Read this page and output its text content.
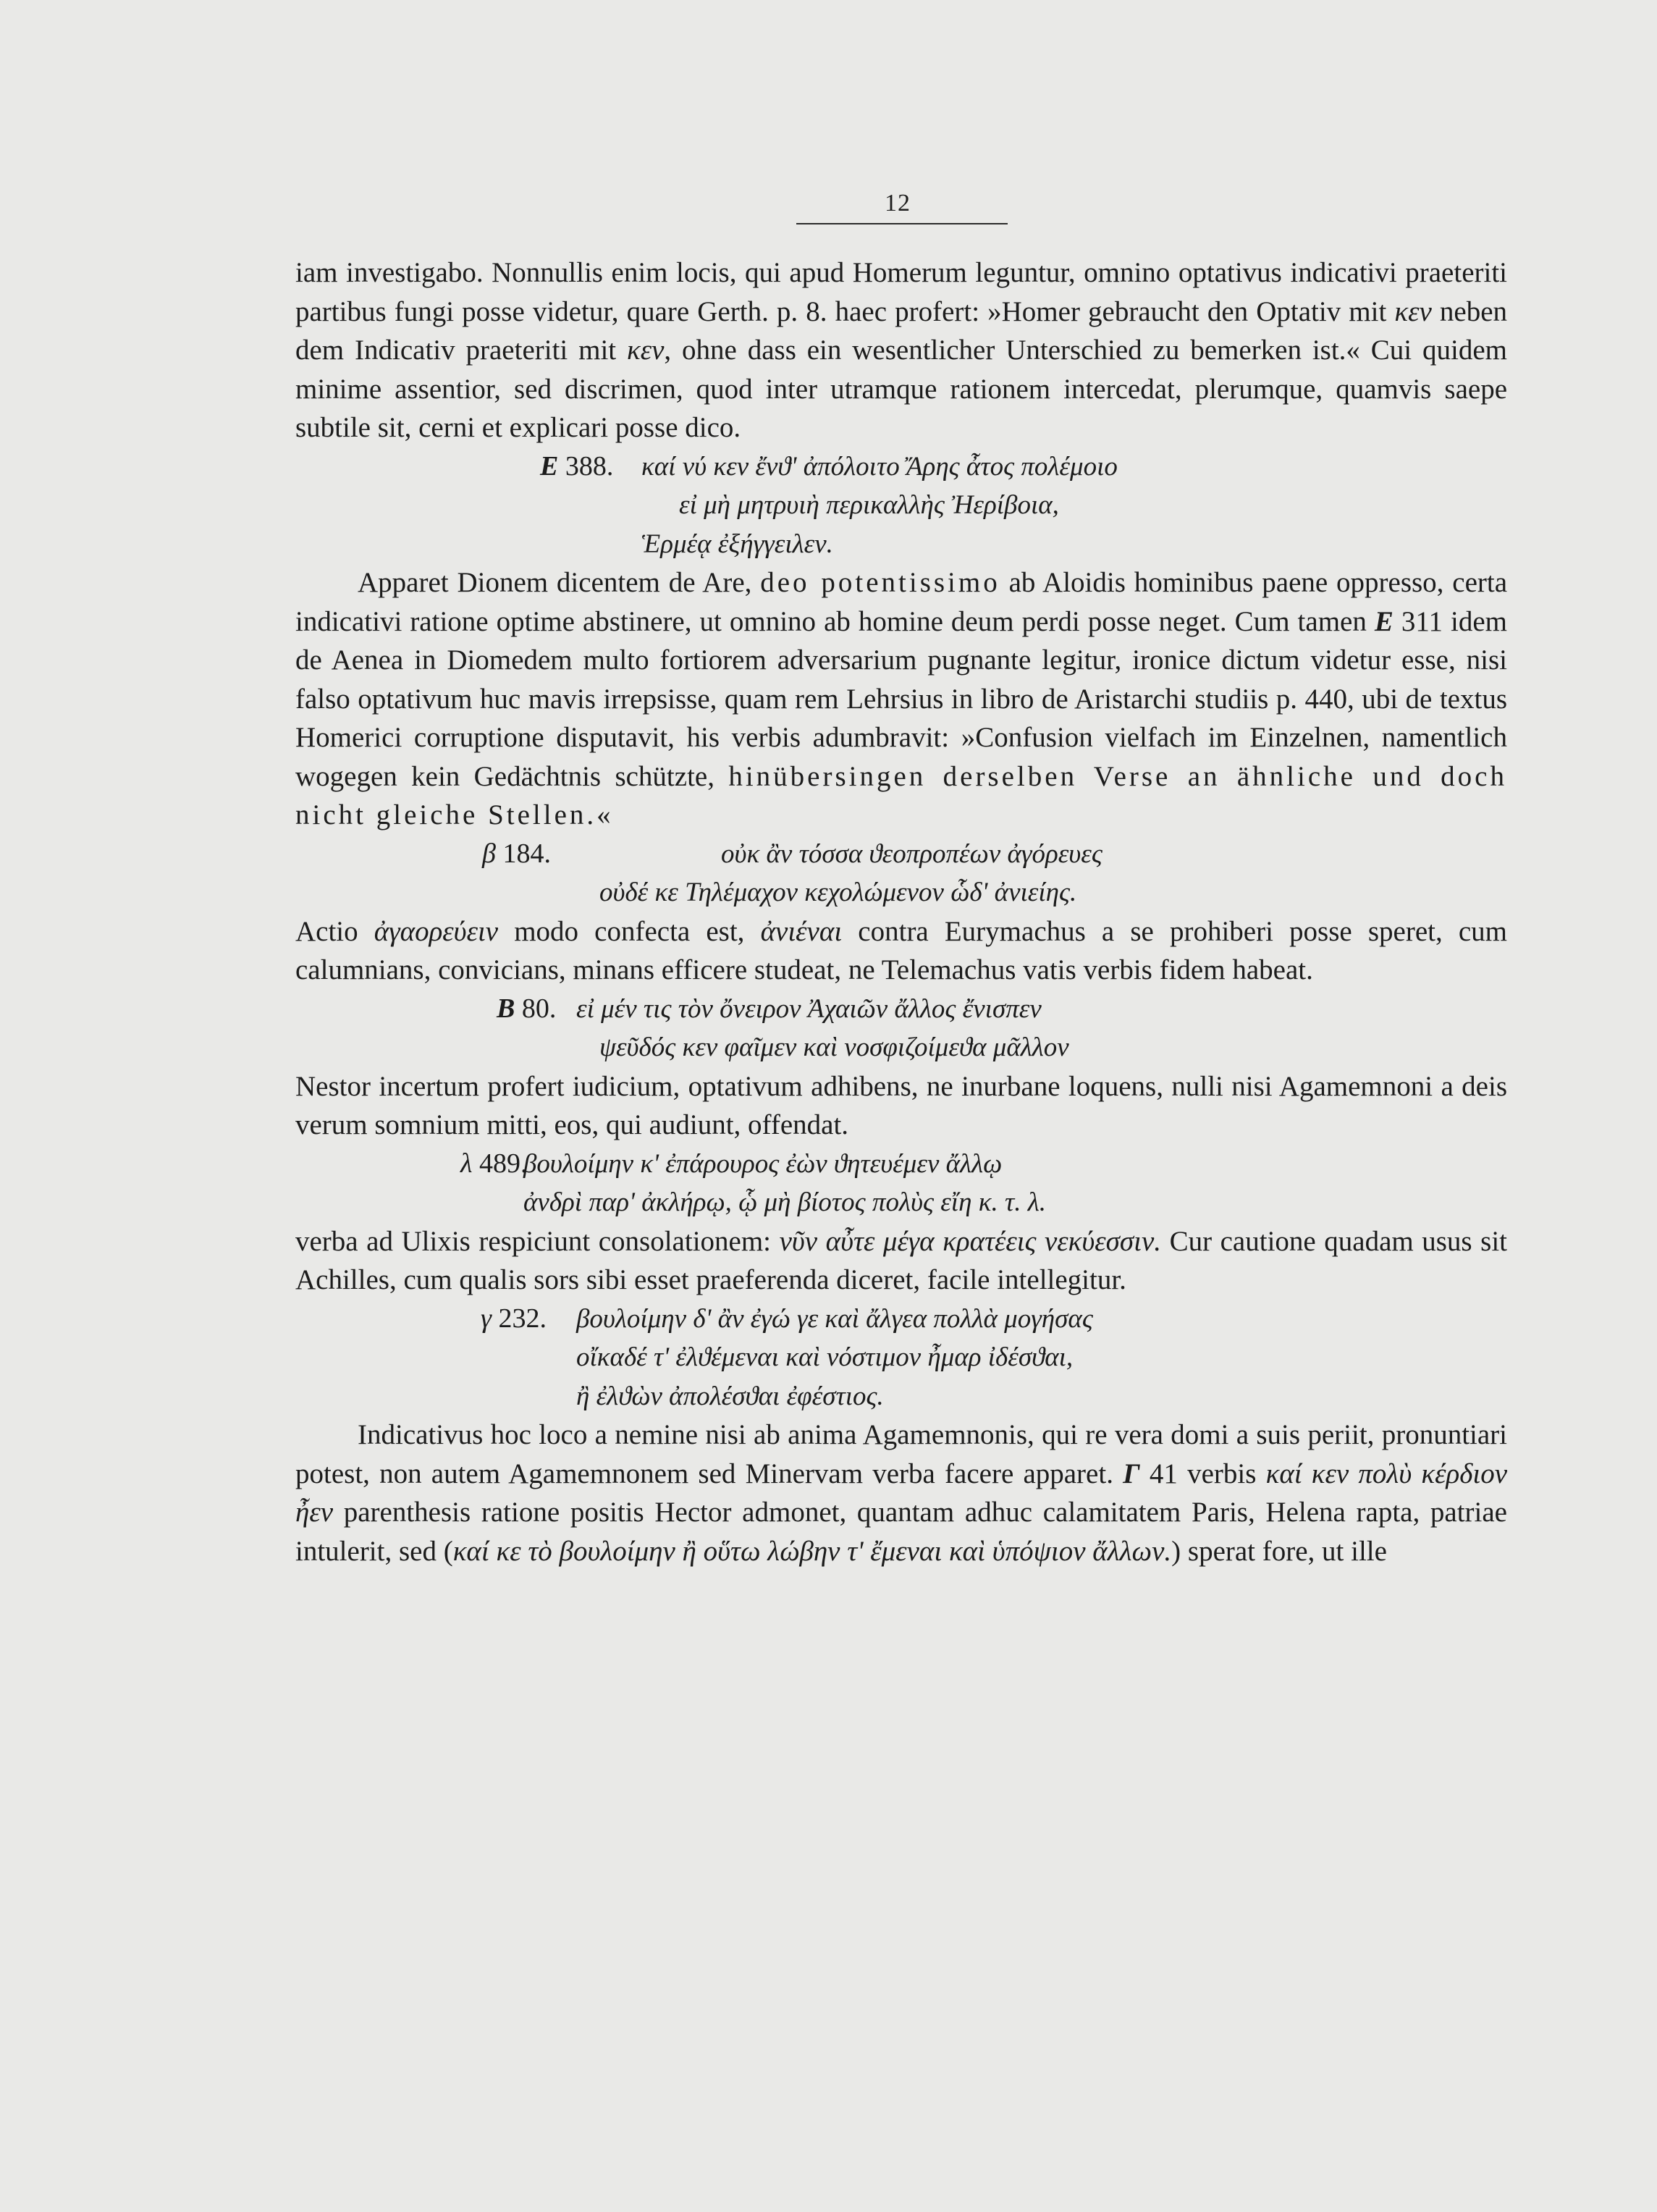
12

iam investigabo. Nonnullis enim locis, qui apud Homerum leguntur, omnino optativus indicativi praeteriti partibus fungi posse videtur, quare Gerth. p. 8. haec profert: »Homer gebraucht den Optativ mit κεν neben dem Indicativ praeteriti mit κεν, ohne dass ein wesentlicher Unterschied zu bemerken ist.« Cui quidem minime assentior, sed discrimen, quod inter utramque rationem intercedat, plerumque, quamvis saepe subtile sit, cerni et explicari posse dico.

E 388. καί νύ κεν ἔνϑ' ἀπόλοιτο Ἄρης ἆτος πολέμοιο
εἰ μὴ μητρυιὴ περικαλλὴς Ἠερίβοια,
Ἑρμέᾳ ἐξήγγειλεν.

Apparet Dionem dicentem de Are, deo potentissimo ab Aloidis hominibus paene oppresso, certa indicativi ratione optime abstinere, ut omnino ab homine deum perdi posse neget. Cum tamen E 311 idem de Aenea in Diomedem multo fortiorem adversarium pugnante legitur, ironice dictum videtur esse, nisi falso optativum huc mavis irrepsisse, quam rem Lehrsius in libro de Aristarchi studiis p. 440, ubi de textus Homerici corruptione disputavit, his verbis adumbravit: »Confusion vielfach im Einzelnen, namentlich wogegen kein Gedächtnis schützte, hinübersingen derselben Verse an ähnliche und doch nicht gleiche Stellen.«

β 184.	οὐκ ἂν τόσσα ϑεοπροπέων ἀγόρευες
οὐδέ κε Τηλέμαχον κεχολώμενον ὧδ' ἀνιείης.

Actio ἀγαορεύειν modo confecta est, ἀνιέναι contra Eurymachus a se prohiberi posse speret, cum calumnians, convicians, minans efficere studeat, ne Telemachus vatis verbis fidem habeat.

B 80. εἰ μέν τις τὸν ὄνειρον Ἀχαιῶν ἄλλος ἔνισπεν
ψεῦδός κεν φαῖμεν καὶ νοσφιζοίμεϑα μᾶλλον

Nestor incertum profert iudicium, optativum adhibens, ne inurbane loquens, nulli nisi Agamemnoni a deis verum somnium mitti, eos, qui audiunt, offendat.

λ 489.
βουλοίμην κ' ἐπάρουρος ἐὼν ϑητευέμεν ἄλλῳ
ἀνδρὶ παρ' ἀκλήρῳ, ᾧ μὴ βίοτος πολὺς εἴη κ. τ. λ.

verba ad Ulixis respiciunt consolationem: νῦν αὖτε μέγα κρατέεις νεκύεσσιν. Cur cautione quadam usus sit Achilles, cum qualis sors sibi esset praeferenda diceret, facile intellegitur.

γ 232. βουλοίμην δ' ἂν ἐγώ γε καὶ ἄλγεα πολλὰ μογήσας
οἴκαδέ τ' ἐλϑέμεναι καὶ νόστιμον ἦμαρ ἰδέσϑαι,
ἢ ἐλϑὼν ἀπολέσϑαι ἐφέστιος.

Indicativus hoc loco a nemine nisi ab anima Agamemnonis, qui re vera domi a suis periit, pronuntiari potest, non autem Agamemnonem sed Minervam verba facere apparet. Γ 41 verbis καί κεν πολὺ κέρδιον ἦεν parenthesis ratione positis Hector admonet, quantam adhuc calamitatem Paris, Helena rapta, patriae intulerit, sed (καί κε τὸ βουλοίμην ἢ οὕτω λώβην τ' ἔμεναι καὶ ὑπόψιον ἄλλων.) sperat fore, ut ille
